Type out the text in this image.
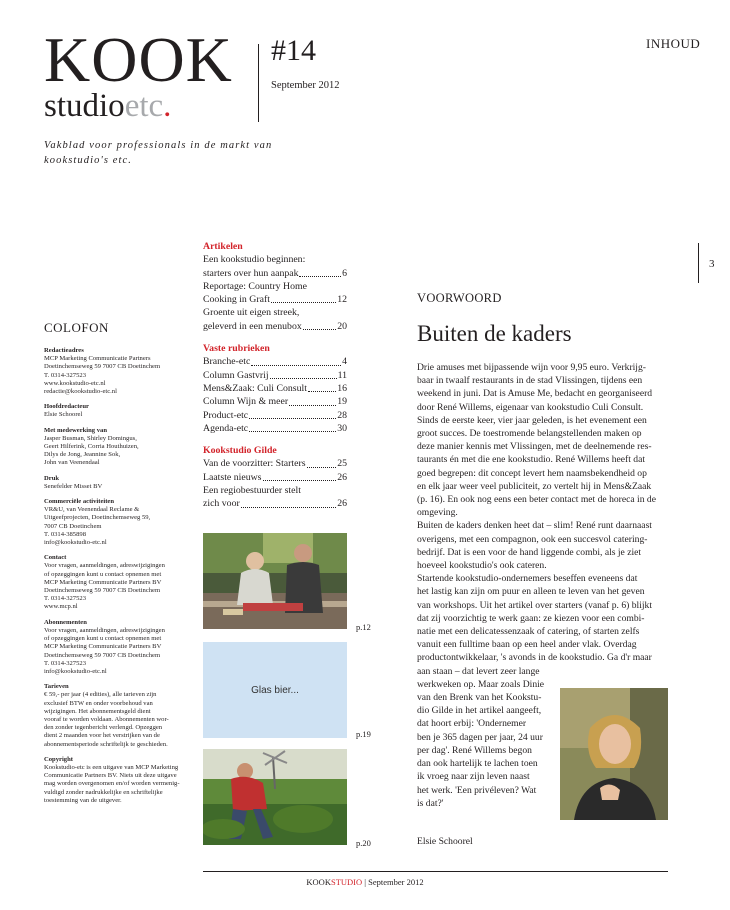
KOOK
studioetc.
#14
September 2012
INHOUD
Vakblad voor professionals in de markt van kookstudio's etc.
3
COLOFON
Redactieadres
MCP Marketing Communicatie Partners
Doetinchemseweg 59 7007 CB Doetinchem
T. 0314-327523
www.kookstudio-etc.nl
redactie@kookstudio-etc.nl
Hoofdredacteur
Elsie Schoorel
Met medewerking van
Jasper Busman, Shirley Domingus,
Geert Hilferink, Corria Houthuizen,
Dilys de Jong, Jeannine Sok,
John van Veenendaal
Druk
Senefelder Misset BV
Commerciële activiteiten
VR&U, van Veenendaal Reclame &
Uitgeefprojecten, Doetinchemseweg 59,
7007 CB Doetinchem
T. 0314-385898
info@kookstudio-etc.nl
Contact
Voor vragen, aanmeldingen, adreswijzigingen
of opzeggingen kunt u contact opnemen met
MCP Marketing Communicatie Partners BV
Doetinchemseweg 59 7007 CB Doetinchem
T. 0314-327523
www.mcp.nl
Abonnementen
Voor vragen, aanmeldingen, adreswijzigingen
of opzeggingen kunt u contact opnemen met
MCP Marketing Communicatie Partners BV
Doetinchemseweg 59 7007 CB Doetinchem
T. 0314-327523
info@kookstudio-etc.nl
Tarieven
€ 59,- per jaar (4 edities), alle tarieven zijn
exclusief BTW en onder voorbehoud van
wijzigingen. Het abonnementsgeld dient
vooraf te worden voldaan. Abonnementen wor-
den zonder tegenbericht verlengd. Opzeggen
dient 2 maanden voor het verstrijken van de
abonnementsperiode schriftelijk te geschieden.
Copyright
Kookstudio-etc is een uitgave van MCP Marketing
Communicatie Partners BV. Niets uit deze uitgave
mag worden overgenomen en/of worden vermenig-
vuldigd zonder nadrukkelijke en schriftelijke
toestemming van de uitgever.
Artikelen
Een kookstudio beginnen:
starters over hun aanpak	6
Reportage: Country Home
Cooking in Graft	12
Groente uit eigen streek,
geleverd in een menubox	20
Vaste rubrieken
Branche-etc	4
Column Gastvrij	11
Mens&Zaak: Culi Consult	16
Column Wijn & meer	19
Product-etc	28
Agenda-etc	30
Kookstudio Gilde
Van de voorzitter: Starters	25
Laatste nieuws	26
Een regiobestuurder stelt
zich voor	26
p.12
Glas bier...
p.19
p.20
VOORWOORD
Buiten de kaders

Drie amuses met bijpassende wijn voor 9,95 euro. Verkrijg-

baar in twaalf restaurants in de stad Vlissingen, tijdens een

weekend in juni. Dat is Amuse Me, bedacht en georganiseerd

door René Willems, eigenaar van kookstudio Culi Consult.

Sinds de eerste keer, vier jaar geleden, is het evenement een

groot succes. De toestromende belangstellenden maken op

deze manier kennis met Vlissingen, met de deelnemende res-

taurants én met die ene kookstudio. René Willems heeft dat

goed begrepen: dit concept levert hem naamsbekendheid op

en elk jaar weer veel publiciteit, zo vertelt hij in Mens&Zaak

(p. 16). En ook nog eens een beter contact met de horeca in de

omgeving.

Buiten de kaders denken heet dat – slim! René runt daarnaast

overigens, met een compagnon, ook een succesvol catering-

bedrijf. Dat is een voor de hand liggende combi, als je ziet

hoeveel kookstudio's ook cateren.

Startende kookstudio-ondernemers beseffen eveneens dat

het lastig kan zijn om puur en alleen te leven van het geven

van workshops. Uit het artikel over starters (vanaf p. 6) blijkt

dat zij voorzichtig te werk gaan: ze kiezen voor een combi-

natie met een delicatessenzaak of catering, of starten zelfs

vanuit een fulltime baan op een heel ander vlak. Overdag

productontwikkelaar, 's avonds in de kookstudio. Ga d'r maar

aan staan – dat levert zeer lange

werkweken op. Maar zoals Dinie

van den Brenk van het Kookstu-

dio Gilde in het artikel aangeeft,

dat hoort erbij: 'Ondernemer

ben je 365 dagen per jaar, 24 uur

per dag'. René Willems begon

dan ook hartelijk te lachen toen

ik vroeg naar zijn leven naast

het werk. 'Een privéleven? Wat

is dat?'

Elsie Schoorel
KOOKSTUDIO | September 2012
